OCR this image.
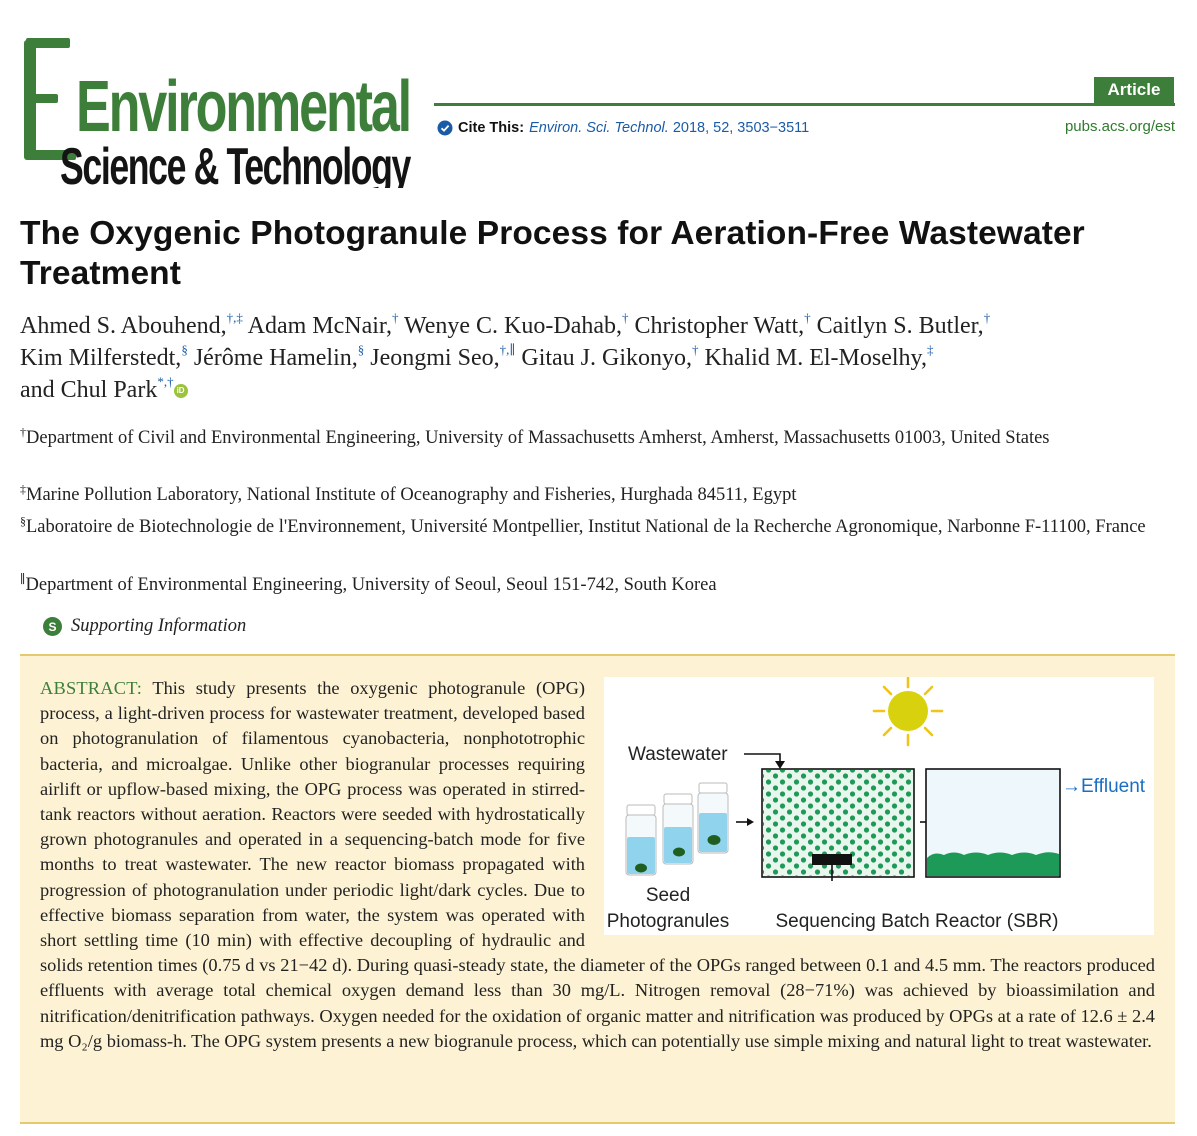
Environmental
Science & Technology
Article
Cite This: Environ. Sci. Technol. 2018, 52, 3503−3511	pubs.acs.org/est
The Oxygenic Photogranule Process for Aeration-Free Wastewater Treatment
Ahmed S. Abouhend,†,‡ Adam McNair,† Wenye C. Kuo-Dahab,† Christopher Watt,† Caitlyn S. Butler,†
Kim Milferstedt,§ Jérôme Hamelin,§ Jeongmi Seo,†,∥ Gitau J. Gikonyo,† Khalid M. El-Moselhy,‡
and Chul Park*,†iD
†Department of Civil and Environmental Engineering, University of Massachusetts Amherst, Amherst, Massachusetts 01003, United States
‡Marine Pollution Laboratory, National Institute of Oceanography and Fisheries, Hurghada 84511, Egypt
§Laboratoire de Biotechnologie de l'Environnement, Université Montpellier, Institut National de la Recherche Agronomique, Narbonne F-11100, France
∥Department of Environmental Engineering, University of Seoul, Seoul 151-742, South Korea
S Supporting Information

ABSTRACT: This study presents the oxygenic photogranule (OPG) process, a light-driven process for wastewater treatment, developed based on photogranulation of filamentous cyanobacteria, nonphototrophic bacteria, and microalgae. Unlike other biogranular processes requiring airlift or upflow-based mixing, the OPG process was operated in stirred-tank reactors without aeration. Reactors were seeded with hydrostatically grown photogranules and operated in a sequencing-batch mode for five months to treat wastewater. The new reactor biomass propagated with progression of photogranulation under periodic light/dark cycles. Due to effective biomass separation from water, the system was operated with short settling time (10 min) with effective decoupling of hydraulic and solids retention times (0.75 d vs 21−42 d). During quasi-steady state, the diameter of the OPGs ranged between 0.1 and 4.5 mm. The reactors produced effluents with average total chemical oxygen demand less than 30 mg/L. Nitrogen removal (28−71%) was achieved by bioassimilation and nitrification/denitrification pathways. Oxygen needed for the oxidation of organic matter and nitrification was produced by OPGs at a rate of 12.6 ± 2.4 mg O₂/g biomass-h. The OPG system presents a new biogranule process, which can potentially use simple mixing and natural light to treat wastewater.

Wastewater
→Effluent
Seed
Photogranules Sequencing Batch Reactor (SBR)
